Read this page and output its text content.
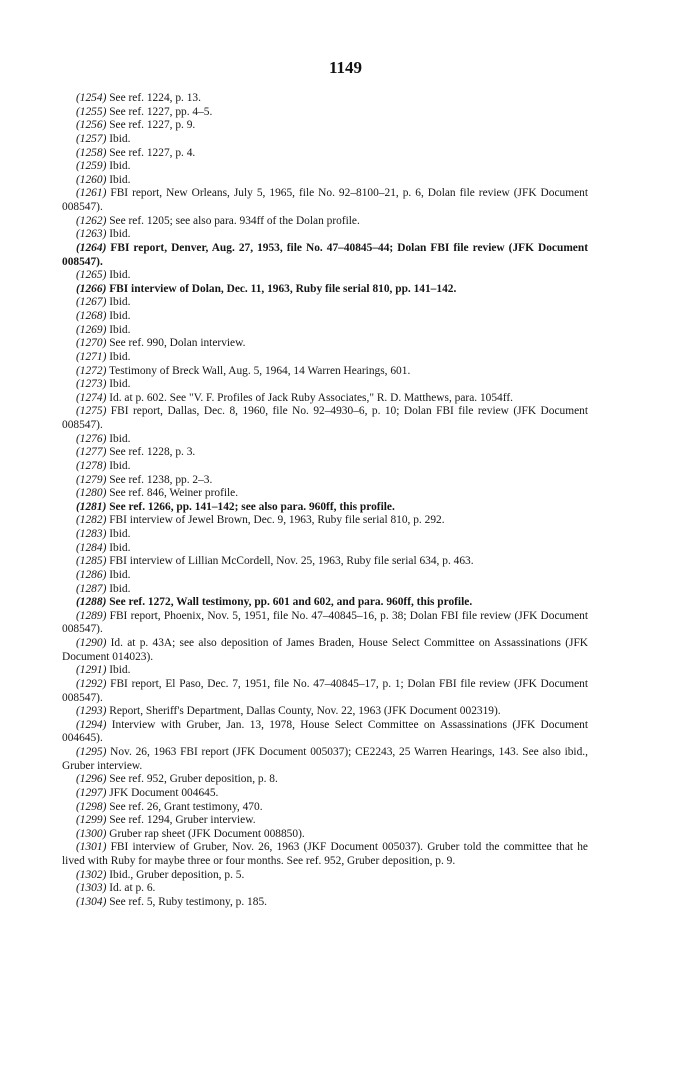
1149

(1254) See ref. 1224, p. 13.

(1255) See ref. 1227, pp. 4–5.

(1256) See ref. 1227, p. 9.

(1257) Ibid.

(1258) See ref. 1227, p. 4.

(1259) Ibid.

(1260) Ibid.

(1261) FBI report, New Orleans, July 5, 1965, file No. 92–8100–21, p. 6, Dolan file review (JFK Document 008547).

(1262) See ref. 1205; see also para. 934ff of the Dolan profile.

(1263) Ibid.

(1264) FBI report, Denver, Aug. 27, 1953, file No. 47–40845–44; Dolan FBI file review (JFK Document 008547).

(1265) Ibid.

(1266) FBI interview of Dolan, Dec. 11, 1963, Ruby file serial 810, pp. 141–142.

(1267) Ibid.

(1268) Ibid.

(1269) Ibid.

(1270) See ref. 990, Dolan interview.

(1271) Ibid.

(1272) Testimony of Breck Wall, Aug. 5, 1964, 14 Warren Hearings, 601.

(1273) Ibid.

(1274) Id. at p. 602. See "V. F. Profiles of Jack Ruby Associates," R. D. Matthews, para. 1054ff.

(1275) FBI report, Dallas, Dec. 8, 1960, file No. 92–4930–6, p. 10; Dolan FBI file review (JFK Document 008547).

(1276) Ibid.

(1277) See ref. 1228, p. 3.

(1278) Ibid.

(1279) See ref. 1238, pp. 2–3.

(1280) See ref. 846, Weiner profile.

(1281) See ref. 1266, pp. 141–142; see also para. 960ff, this profile.

(1282) FBI interview of Jewel Brown, Dec. 9, 1963, Ruby file serial 810, p. 292.

(1283) Ibid.

(1284) Ibid.

(1285) FBI interview of Lillian McCordell, Nov. 25, 1963, Ruby file serial 634, p. 463.

(1286) Ibid.

(1287) Ibid.

(1288) See ref. 1272, Wall testimony, pp. 601 and 602, and para. 960ff, this profile.

(1289) FBI report, Phoenix, Nov. 5, 1951, file No. 47–40845–16, p. 38; Dolan FBI file review (JFK Document 008547).

(1290) Id. at p. 43A; see also deposition of James Braden, House Select Committee on Assassinations (JFK Document 014023).

(1291) Ibid.

(1292) FBI report, El Paso, Dec. 7, 1951, file No. 47–40845–17, p. 1; Dolan FBI file review (JFK Document 008547).

(1293) Report, Sheriff's Department, Dallas County, Nov. 22, 1963 (JFK Document 002319).

(1294) Interview with Gruber, Jan. 13, 1978, House Select Committee on Assassinations (JFK Document 004645).

(1295) Nov. 26, 1963 FBI report (JFK Document 005037); CE2243, 25 Warren Hearings, 143. See also ibid., Gruber interview.

(1296) See ref. 952, Gruber deposition, p. 8.

(1297) JFK Document 004645.

(1298) See ref. 26, Grant testimony, 470.

(1299) See ref. 1294, Gruber interview.

(1300) Gruber rap sheet (JFK Document 008850).

(1301) FBI interview of Gruber, Nov. 26, 1963 (JKF Document 005037). Gruber told the committee that he lived with Ruby for maybe three or four months. See ref. 952, Gruber deposition, p. 9.

(1302) Ibid., Gruber deposition, p. 5.

(1303) Id. at p. 6.

(1304) See ref. 5, Ruby testimony, p. 185.
